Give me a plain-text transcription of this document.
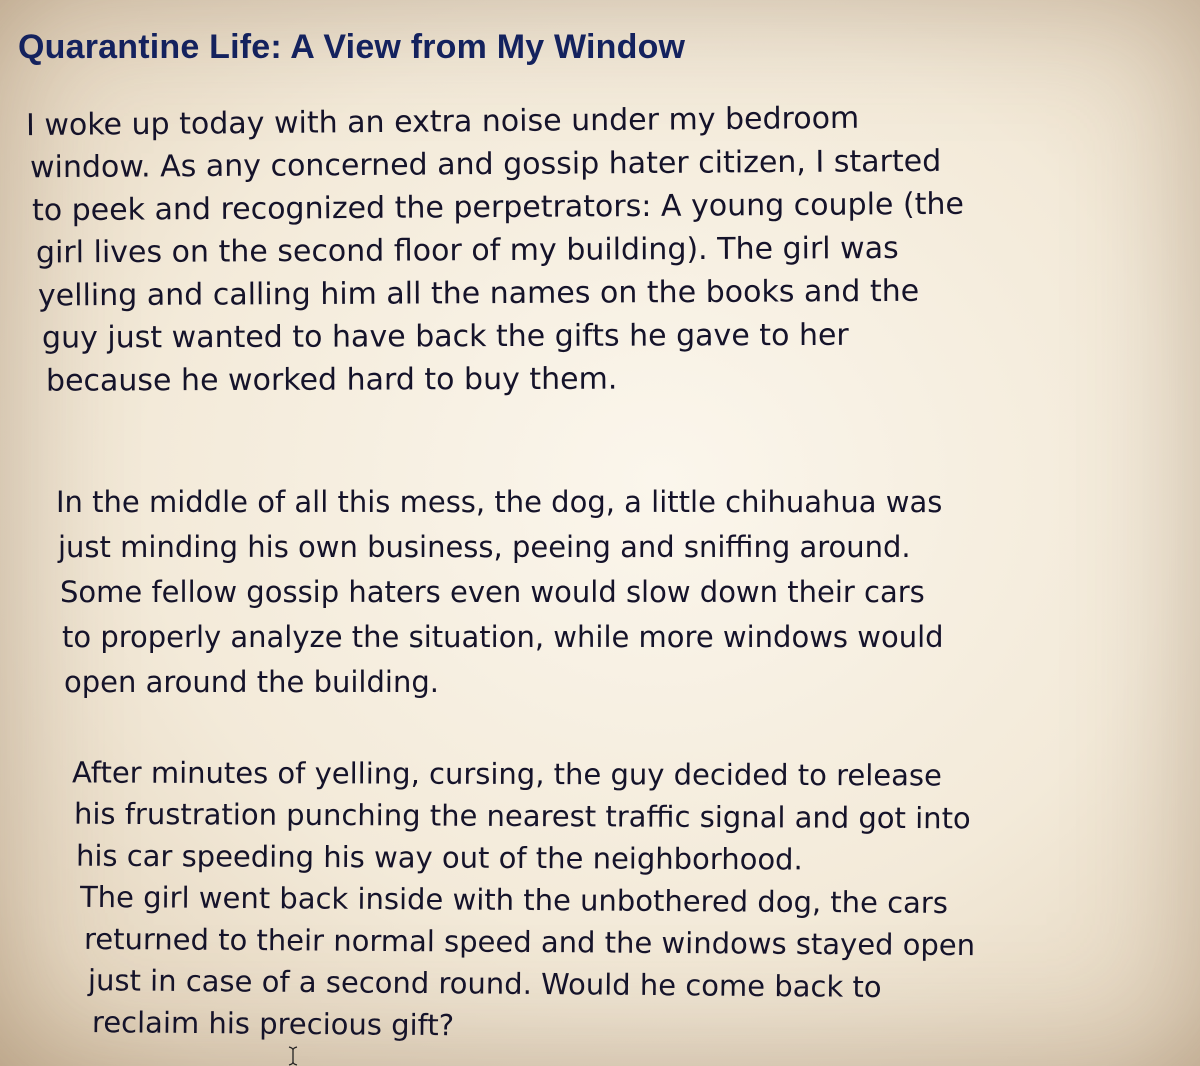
Quarantine Life: A View from My Window

I woke up today with an extra noise under my bedroom
window. As any concerned and gossip hater citizen, I started
to peek and recognized the perpetrators: A young couple (the
girl lives on the second floor of my building). The girl was
yelling and calling him all the names on the books and the
guy just wanted to have back the gifts he gave to her
because he worked hard to buy them.

In the middle of all this mess, the dog, a little chihuahua was
just minding his own business, peeing and sniffing around.
Some fellow gossip haters even would slow down their cars
to properly analyze the situation, while more windows would
open around the building.

After minutes of yelling, cursing, the guy decided to release
his frustration punching the nearest traffic signal and got into
his car speeding his way out of the neighborhood.
The girl went back inside with the unbothered dog, the cars
returned to their normal speed and the windows stayed open
just in case of a second round. Would he come back to
reclaim his precious gift?
